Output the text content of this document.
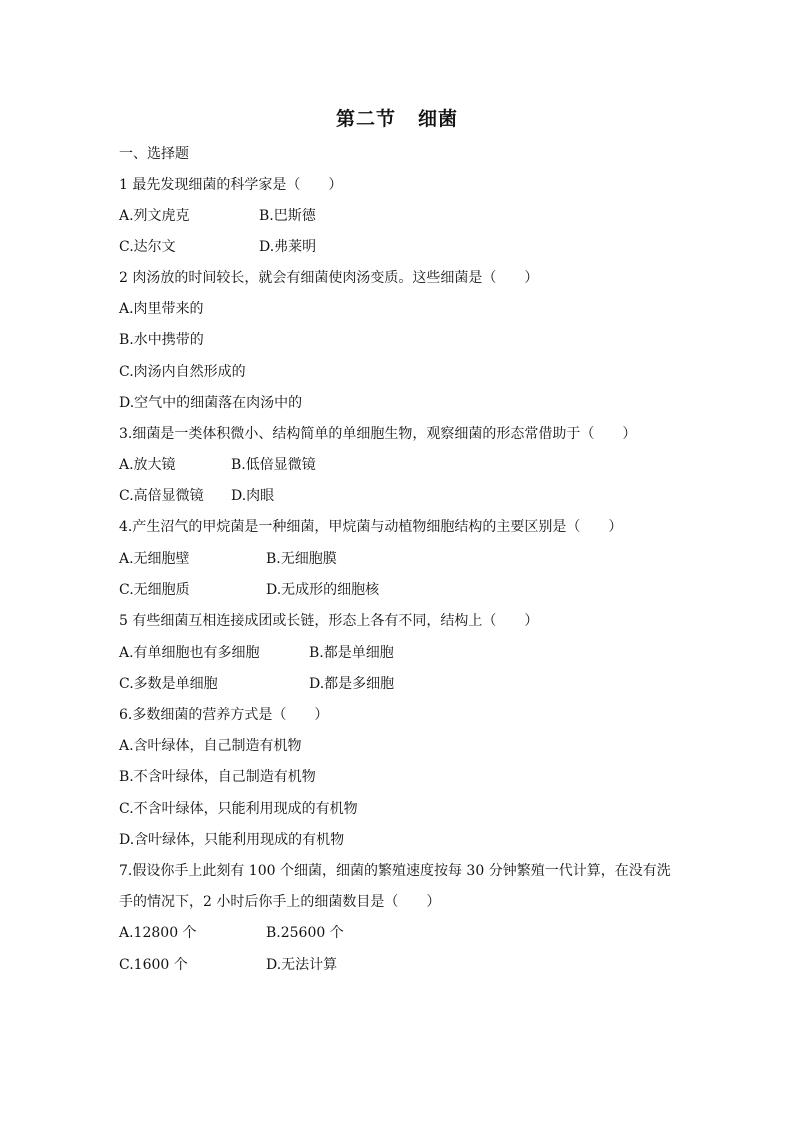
第二节 细菌
一、选择题
1 最先发现细菌的科学家是（　　）
A.列文虎克	B.巴斯德
C.达尔文	D.弗莱明
2 肉汤放的时间较长，就会有细菌使肉汤变质。这些细菌是（　　）
A.肉里带来的
B.水中携带的
C.肉汤内自然形成的
D.空气中的细菌落在肉汤中的
3.细菌是一类体积微小、结构简单的单细胞生物，观察细菌的形态常借助于（　　）
A.放大镜	B.低倍显微镜
C.高倍显微镜 D.肉眼
4.产生沼气的甲烷菌是一种细菌，甲烷菌与动植物细胞结构的主要区别是（　　）
A.无细胞壁	B.无细胞膜
C.无细胞质	D.无成形的细胞核
5 有些细菌互相连接成团或长链，形态上各有不同，结构上（　　）
A.有单细胞也有多细胞	B.都是单细胞
C.多数是单细胞	D.都是多细胞
6.多数细菌的营养方式是（　　）
A.含叶绿体，自己制造有机物
B.不含叶绿体，自己制造有机物
C.不含叶绿体，只能利用现成的有机物
D.含叶绿体，只能利用现成的有机物
7.假设你手上此刻有 100 个细菌，细菌的繁殖速度按每 30 分钟繁殖一代计算，在没有洗手的情况下，2 小时后你手上的细菌数目是（　　）
A.12800 个	B.25600 个
C.1600 个	D.无法计算
